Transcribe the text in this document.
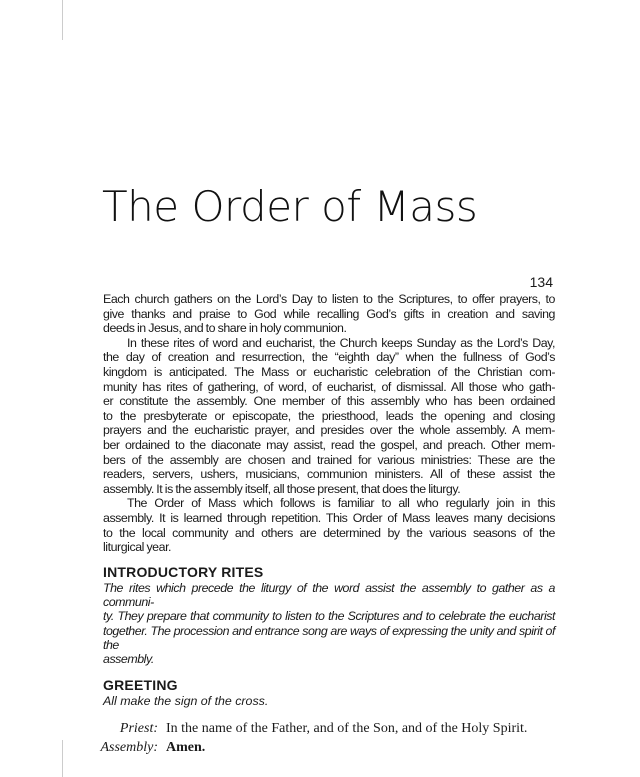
The Order of Mass
134
Each church gathers on the Lord’s Day to listen to the Scriptures, to offer prayers, to
give thanks and praise to God while recalling God’s gifts in creation and saving
deeds in Jesus, and to share in holy communion.
In these rites of word and eucharist, the Church keeps Sunday as the Lord’s Day,
the day of creation and resurrection, the “eighth day” when the fullness of God’s
kingdom is anticipated. The Mass or eucharistic celebration of the Christian com-
munity has rites of gathering, of word, of eucharist, of dismissal. All those who gath-
er constitute the assembly. One member of this assembly who has been ordained
to the presbyterate or episcopate, the priesthood, leads the opening and closing
prayers and the eucharistic prayer, and presides over the whole assembly. A mem-
ber ordained to the diaconate may assist, read the gospel, and preach. Other mem-
bers of the assembly are chosen and trained for various ministries: These are the
readers, servers, ushers, musicians, communion ministers. All of these assist the
assembly. It is the assembly itself, all those present, that does the liturgy.
The Order of Mass which follows is familiar to all who regularly join in this
assembly. It is learned through repetition. This Order of Mass leaves many decisions
to the local community and others are determined by the various seasons of the
liturgical year.
INTRODUCTORY RITES
The rites which precede the liturgy of the word assist the assembly to gather as a communi-
ty. They prepare that community to listen to the Scriptures and to celebrate the eucharist
together. The procession and entrance song are ways of expressing the unity and spirit of the
assembly.
GREETING
All make the sign of the cross.
Priest: In the name of the Father, and of the Son, and of the Holy Spirit.
Assembly: Amen.
